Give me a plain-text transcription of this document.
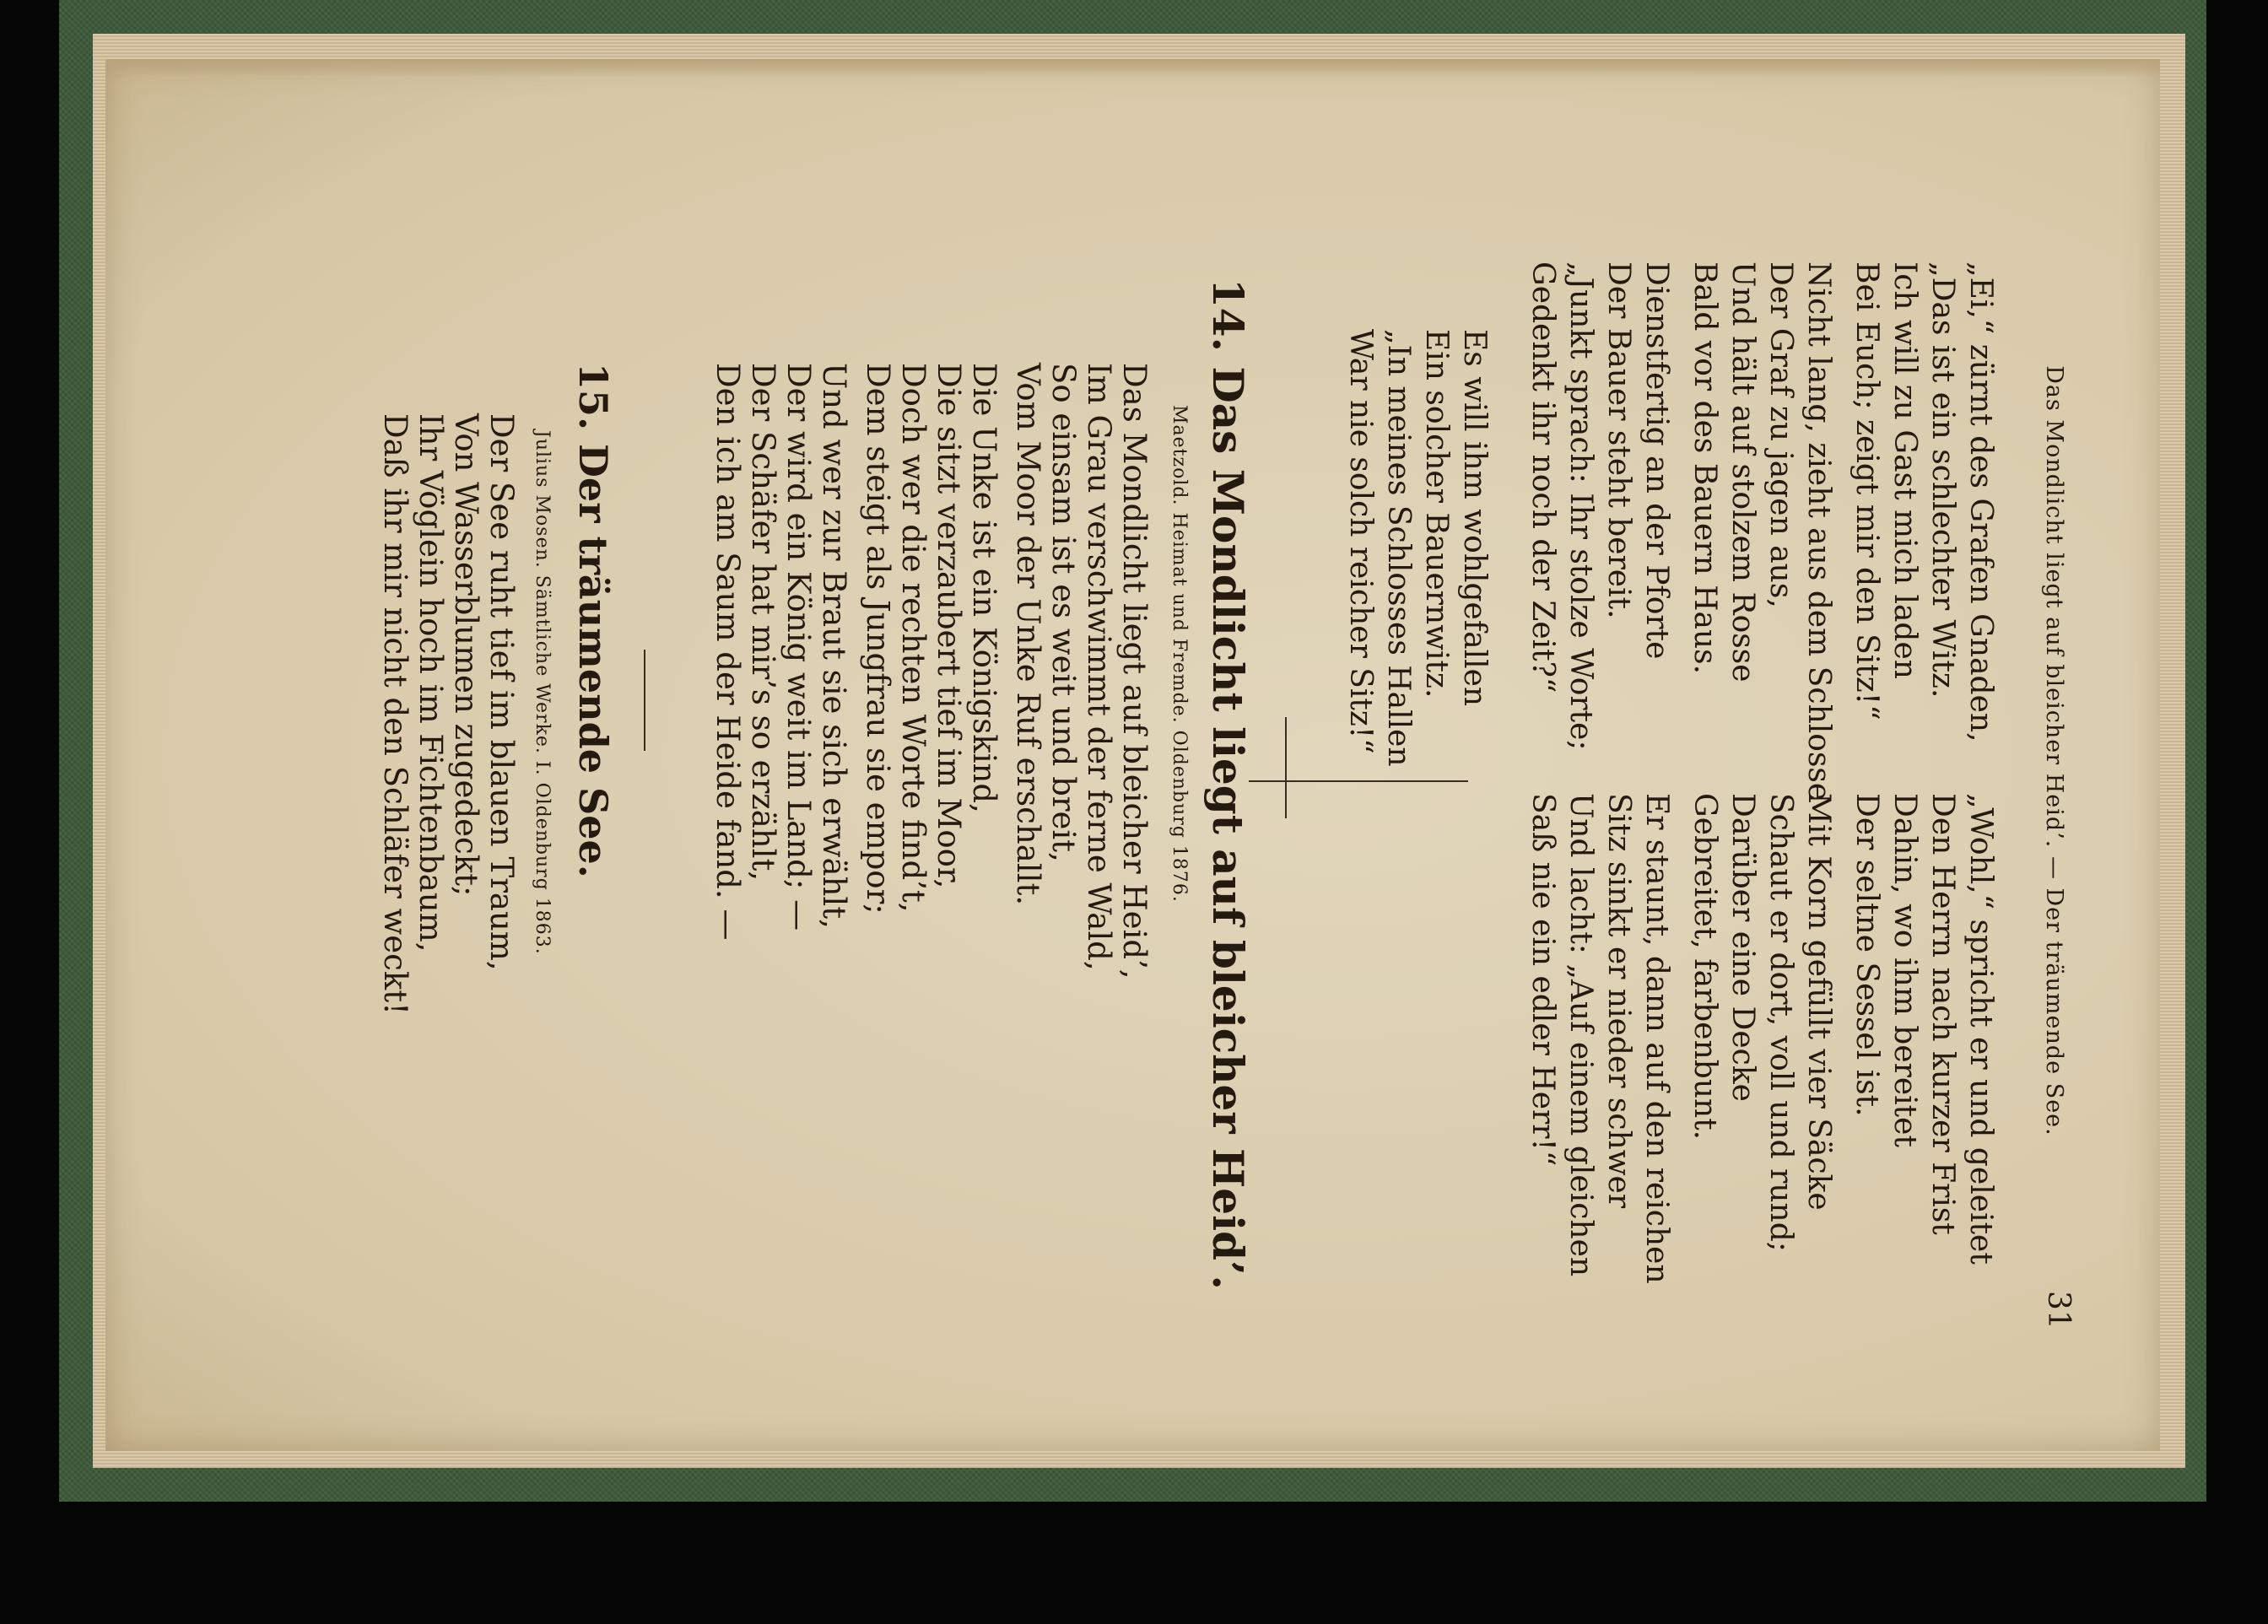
Das Mondlicht liegt auf bleicher Heid’. — Der träumende See.
31
„Ei,“ zürnt des Grafen Gnaden,
„Das ist ein schlechter Witz.
Ich will zu Gast mich laden
Bei Euch; zeigt mir den Sitz!“
Nicht lang, zieht aus dem Schlosse
Der Graf zu jagen aus,
Und hält auf stolzem Rosse
Bald vor des Bauern Haus.
Dienstfertig an der Pforte
Der Bauer steht bereit.
„Junkt sprach: Ihr stolze Worte;
Gedenkt ihr noch der Zeit?“
Es will ihm wohlgefallen
Ein solcher Bauernwitz.
„In meines Schlosses Hallen
War nie solch reicher Sitz!“
„Wohl,“ spricht er und geleitet
Den Herrn nach kurzer Frist
Dahin, wo ihm bereitet
Der seltne Sessel ist.
Mit Korn gefüllt vier Säcke
Schaut er dort, voll und rund;
Darüber eine Decke
Gebreitet, farbenbunt.
Er staunt, dann auf den reichen
Sitz sinkt er nieder schwer
Und lacht: „Auf einem gleichen
Saß nie ein edler Herr!“
14. Das Mondlicht liegt auf bleicher Heid’.
Maetzold. Heimat und Fremde. Oldenburg 1876.
Das Mondlicht liegt auf bleicher Heid’,
Im Grau verschwimmt der ferne Wald,
So einsam ist es weit und breit,
Vom Moor der Unke Ruf erschallt.
Die Unke ist ein Königskind,
Die sitzt verzaubert tief im Moor,
Doch wer die rechten Worte find’t,
Dem steigt als Jungfrau sie empor;
Und wer zur Braut sie sich erwählt,
Der wird ein König weit im Land; —
Der Schäfer hat mir’s so erzählt,
Den ich am Saum der Heide fand. —
15. Der träumende See.
Julius Mosen. Sämtliche Werke. I. Oldenburg 1863.
Der See ruht tief im blauen Traum,
Von Wasserblumen zugedeckt;
Ihr Vöglein hoch im Fichtenbaum,
Daß ihr mir nicht den Schläfer weckt!
